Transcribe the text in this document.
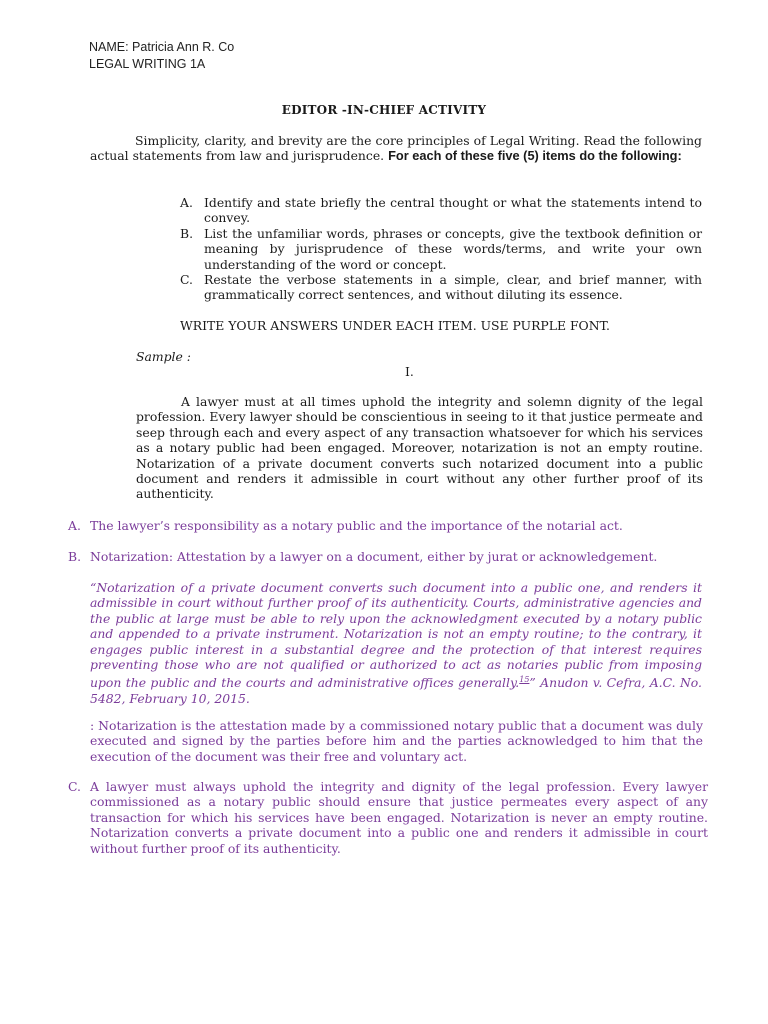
NAME: Patricia Ann R. Co
LEGAL WRITING 1A
EDITOR -IN-CHIEF ACTIVITY
Simplicity, clarity, and brevity are the core principles of Legal Writing. Read the following actual statements from law and jurisprudence. For each of these five (5) items do the following:
A. Identify and state briefly the central thought or what the statements intend to convey.
B. List the unfamiliar words, phrases or concepts, give the textbook definition or meaning by jurisprudence of these words/terms, and write your own understanding of the word or concept.
C. Restate the verbose statements in a simple, clear, and brief manner, with grammatically correct sentences, and without diluting its essence.
WRITE YOUR ANSWERS UNDER EACH ITEM. USE PURPLE FONT.
Sample :
I.
A lawyer must at all times uphold the integrity and solemn dignity of the legal profession. Every lawyer should be conscientious in seeing to it that justice permeate and seep through each and every aspect of any transaction whatsoever for which his services as a notary public had been engaged. Moreover, notarization is not an empty routine. Notarization of a private document converts such notarized document into a public document and renders it admissible in court without any other further proof of its authenticity.
A. The lawyer’s responsibility as a notary public and the importance of the notarial act.
B. Notarization: Attestation by a lawyer on a document, either by jurat or acknowledgement.
“Notarization of a private document converts such document into a public one, and renders it admissible in court without further proof of its authenticity. Courts, administrative agencies and the public at large must be able to rely upon the acknowledgment executed by a notary public and appended to a private instrument. Notarization is not an empty routine; to the contrary, it engages public interest in a substantial degree and the protection of that interest requires preventing those who are not qualified or authorized to act as notaries public from imposing upon the public and the courts and administrative offices generally.$^{15}$” Anudon v. Cefra, A.C. No. 5482, February 10, 2015.
: Notarization is the attestation made by a commissioned notary public that a document was duly executed and signed by the parties before him and the parties acknowledged to him that the execution of the document was their free and voluntary act.
C. A lawyer must always uphold the integrity and dignity of the legal profession. Every lawyer commissioned as a notary public should ensure that justice permeates every aspect of any transaction for which his services have been engaged. Notarization is never an empty routine. Notarization converts a private document into a public one and renders it admissible in court without further proof of its authenticity.
